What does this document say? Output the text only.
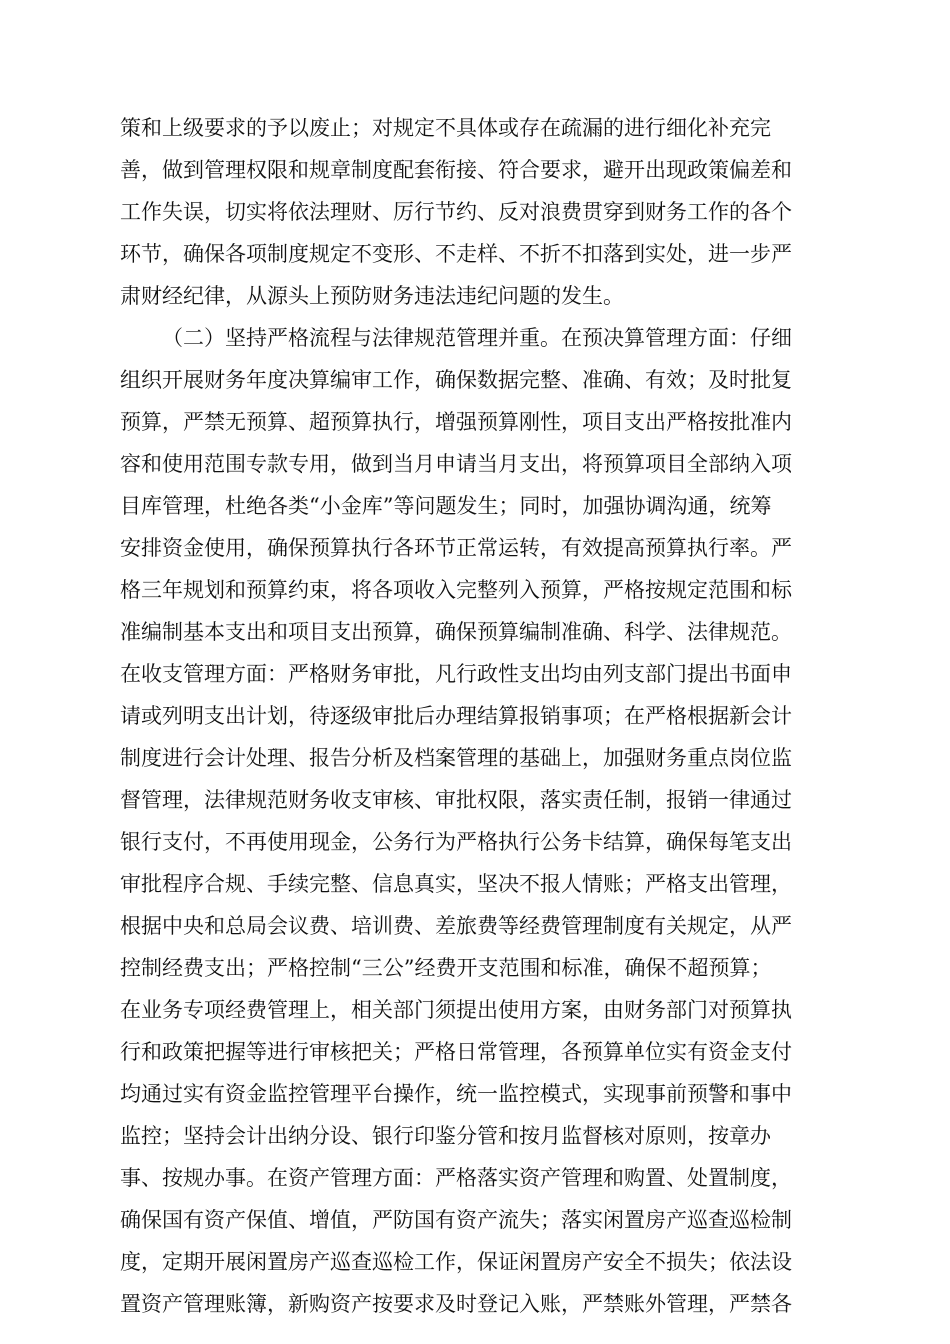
策和上级要求的予以废止；对规定不具体或存在疏漏的进行细化补充完
善，做到管理权限和规章制度配套衔接、符合要求，避开出现政策偏差和
工作失误，切实将依法理财、厉行节约、反对浪费贯穿到财务工作的各个
环节，确保各项制度规定不变形、不走样、不折不扣落到实处，进一步严
肃财经纪律，从源头上预防财务违法违纪问题的发生。
（二）坚持严格流程与法律规范管理并重。在预决算管理方面：仔细
组织开展财务年度决算编审工作，确保数据完整、准确、有效；及时批复
预算，严禁无预算、超预算执行，增强预算刚性，项目支出严格按批准内
容和使用范围专款专用，做到当月申请当月支出，将预算项目全部纳入项
目库管理，杜绝各类“小金库”等问题发生；同时，加强协调沟通，统筹
安排资金使用，确保预算执行各环节正常运转，有效提高预算执行率。严
格三年规划和预算约束，将各项收入完整列入预算，严格按规定范围和标
准编制基本支出和项目支出预算，确保预算编制准确、科学、法律规范。
在收支管理方面：严格财务审批，凡行政性支出均由列支部门提出书面申
请或列明支出计划，待逐级审批后办理结算报销事项；在严格根据新会计
制度进行会计处理、报告分析及档案管理的基础上，加强财务重点岗位监
督管理，法律规范财务收支审核、审批权限，落实责任制，报销一律通过
银行支付，不再使用现金，公务行为严格执行公务卡结算，确保每笔支出
审批程序合规、手续完整、信息真实，坚决不报人情账；严格支出管理，
根据中央和总局会议费、培训费、差旅费等经费管理制度有关规定，从严
控制经费支出；严格控制“三公”经费开支范围和标准，确保不超预算；
在业务专项经费管理上，相关部门须提出使用方案，由财务部门对预算执
行和政策把握等进行审核把关；严格日常管理，各预算单位实有资金支付
均通过实有资金监控管理平台操作，统一监控模式，实现事前预警和事中
监控；坚持会计出纳分设、银行印鉴分管和按月监督核对原则，按章办
事、按规办事。在资产管理方面：严格落实资产管理和购置、处置制度，
确保国有资产保值、增值，严防国有资产流失；落实闲置房产巡查巡检制
度，定期开展闲置房产巡查巡检工作，保证闲置房产安全不损失；依法设
置资产管理账簿，新购资产按要求及时登记入账，严禁账外管理，严禁各
